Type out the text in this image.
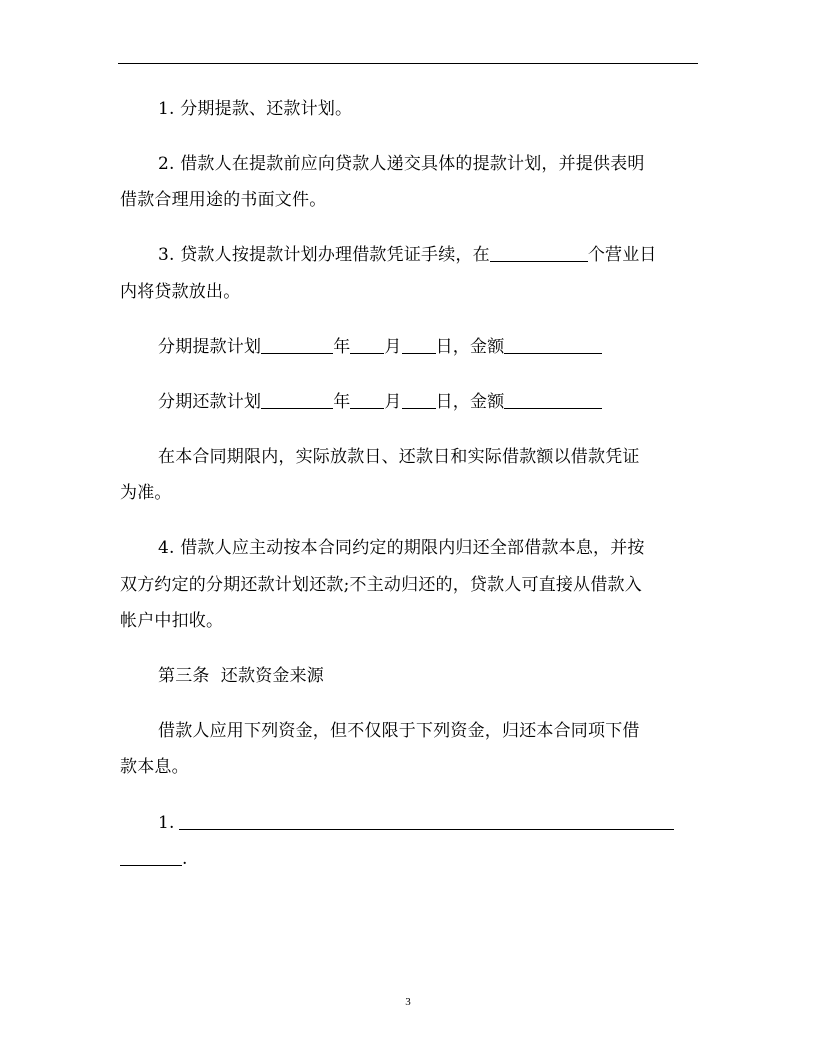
1. 分期提款、还款计划。
2. 借款人在提款前应向贷款人递交具体的提款计划，并提供表明
借款合理用途的书面文件。
3. 贷款人按提款计划办理借款凭证手续，在	个营业日
内将贷款放出。
分期提款计划	年 月 日，金额
分期还款计划	年 月 日，金额
在本合同期限内，实际放款日、还款日和实际借款额以借款凭证
为准。
4. 借款人应主动按本合同约定的期限内归还全部借款本息，并按
双方约定的分期还款计划还款;不主动归还的，贷款人可直接从借款入
帐户中扣收。
第三条  还款资金来源
借款人应用下列资金，但不仅限于下列资金，归还本合同项下借
款本息。
1.
.
3
